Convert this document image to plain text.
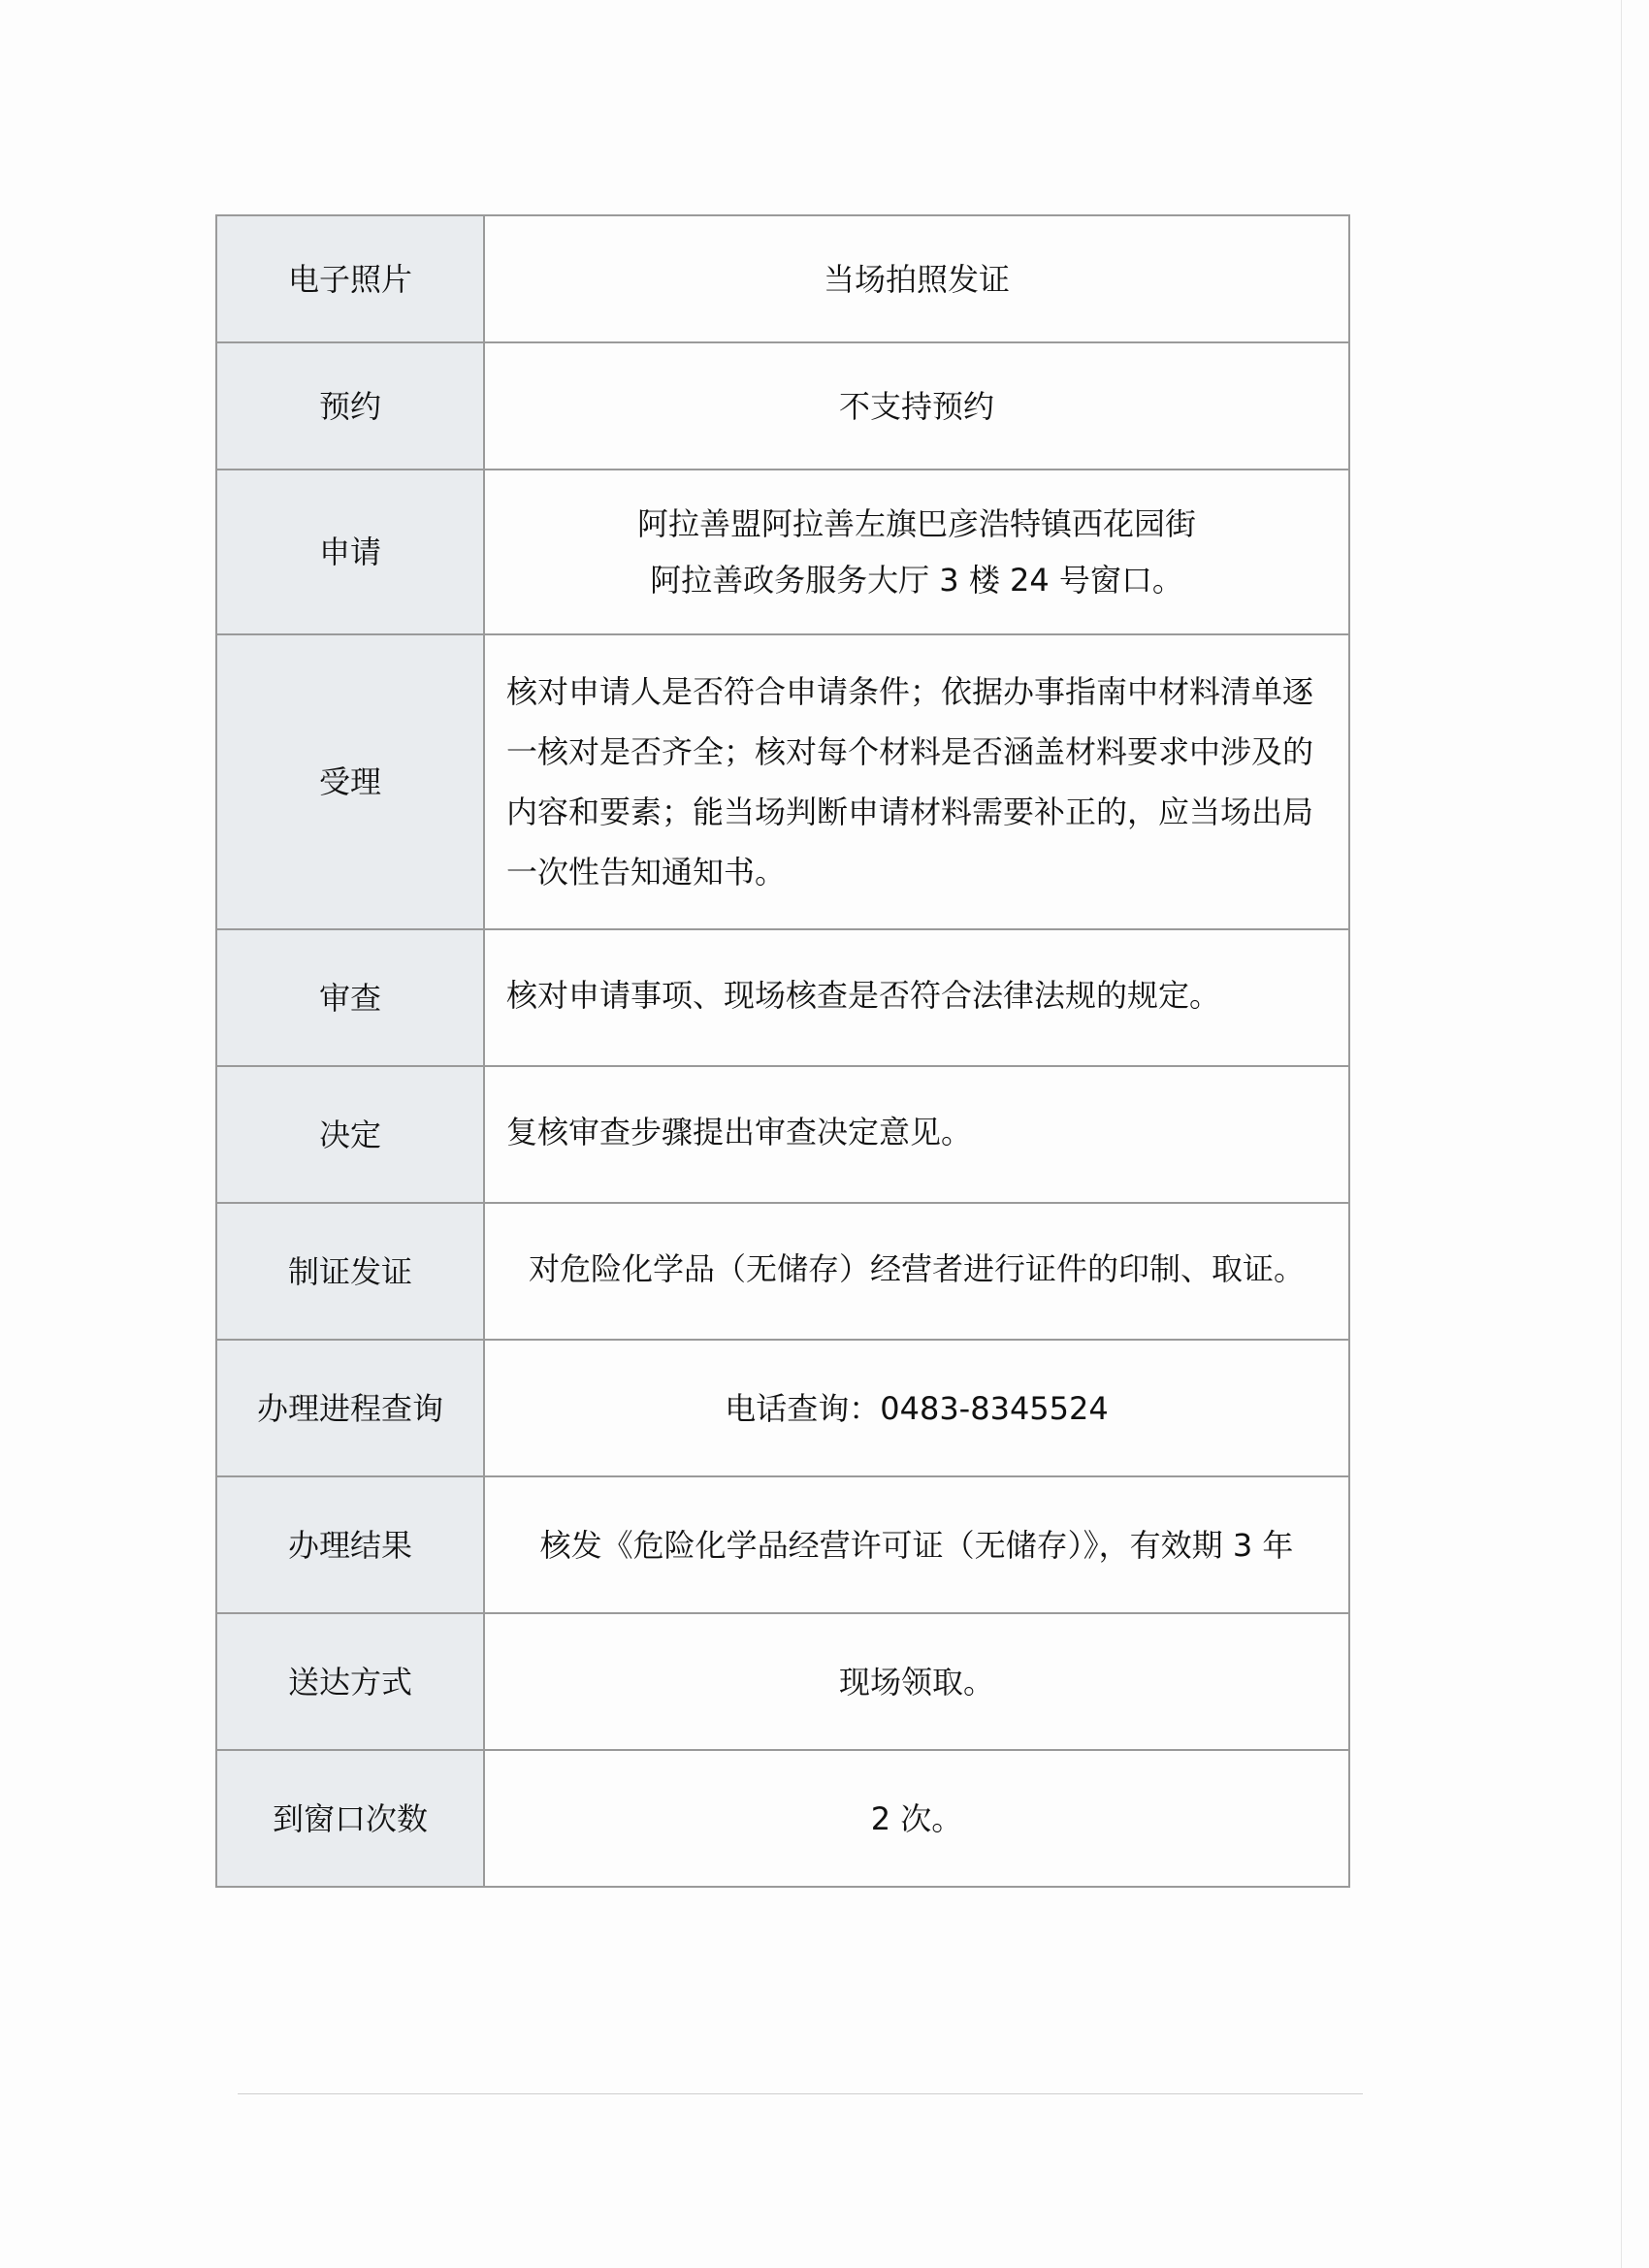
电子照片	当场拍照发证
预约	不支持预约
申请	阿拉善盟阿拉善左旗巴彦浩特镇西花园街
阿拉善政务服务大厅 3 楼 24 号窗口。
受理	核对申请人是否符合申请条件；依据办事指南中材料清单逐一核对是否齐全；核对每个材料是否涵盖材料要求中涉及的内容和要素；能当场判断申请材料需要补正的，应当场出局一次性告知通知书。
审查	核对申请事项、现场核查是否符合法律法规的规定。
决定	复核审查步骤提出审查决定意见。
制证发证	对危险化学品（无储存）经营者进行证件的印制、取证。
办理进程查询	电话查询：0483-8345524
办理结果	核发《危险化学品经营许可证（无储存）》，有效期 3 年
送达方式	现场领取。
到窗口次数	2 次。
